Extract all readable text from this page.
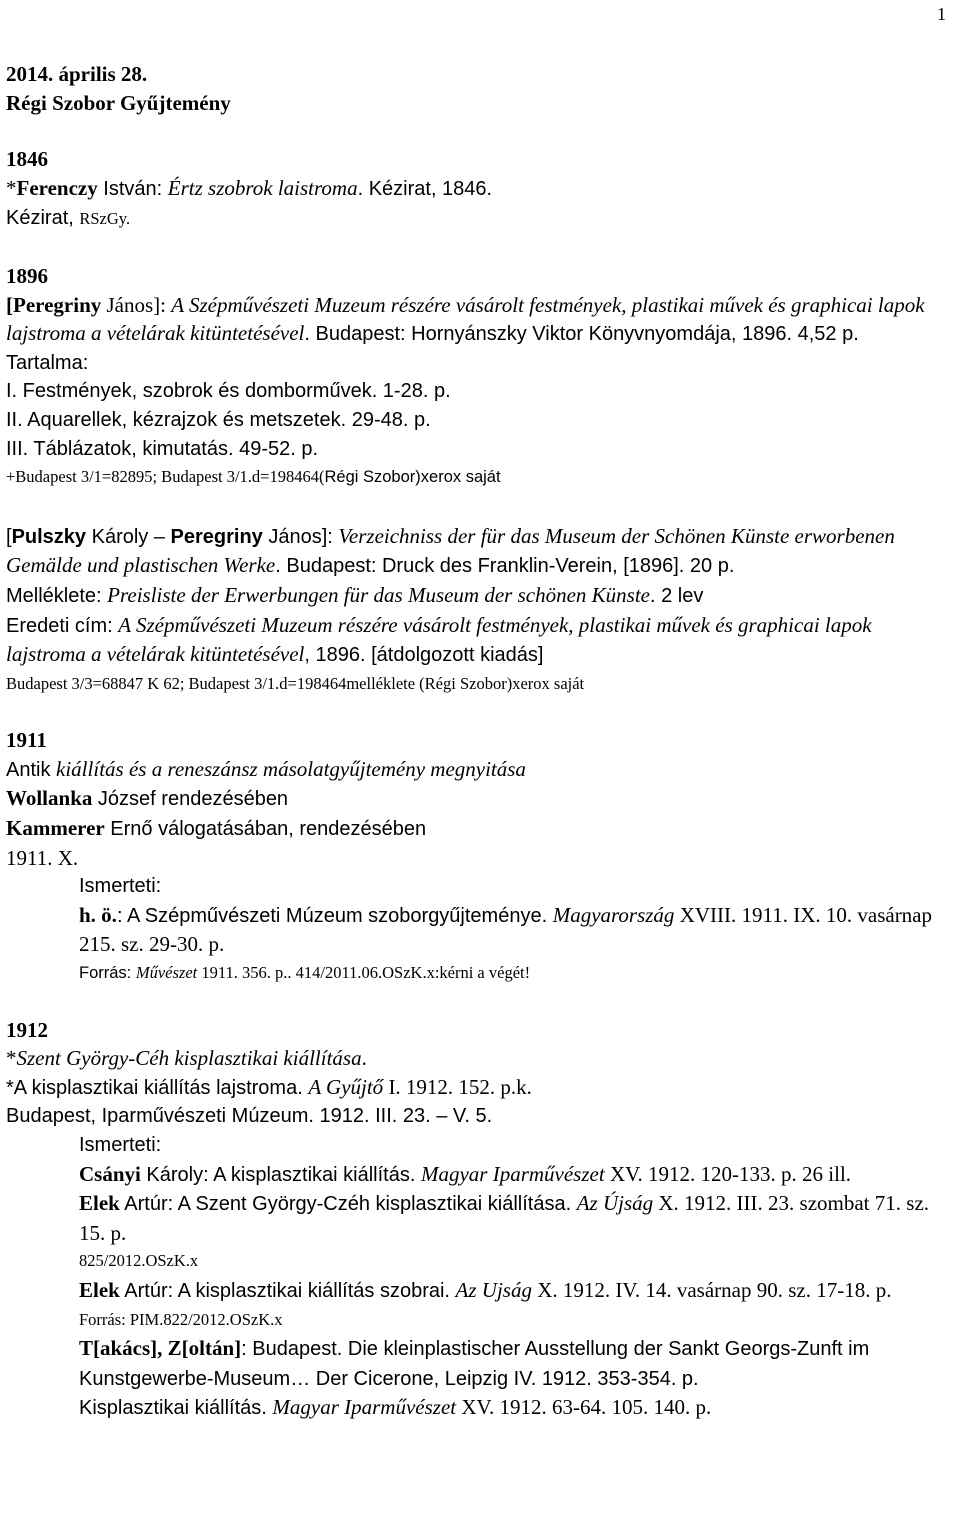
1

2014. április 28.

Régi Szobor Gyűjtemény

1846

*Ferenczy István: Értz szobrok laistroma. Kézirat, 1846.

Kézirat, RSzGy.

1896

[Peregriny János]: A Szépművészeti Muzeum részére vásárolt festmények, plastikai művek és graphicai lapok lajstroma a vételárak kitüntetésével. Budapest: Hornyánszky Viktor Könyvnyomdája, 1896. 4,52 p.

Tartalma:

I. Festmények, szobrok és domborművek. 1-28. p.

II. Aquarellek, kézrajzok és metszetek. 29-48. p.

III. Táblázatok, kimutatás. 49-52. p.

+Budapest 3/1=82895; Budapest 3/1.d=198464(Régi Szobor)xerox saját

[Pulszky Károly – Peregriny János]: Verzeichniss der für das Museum der Schönen Künste erworbenen Gemälde und plastischen Werke. Budapest: Druck des Franklin-Verein, [1896]. 20 p.

Melléklete: Preisliste der Erwerbungen für das Museum der schönen Künste. 2 lev

Eredeti cím: A Szépművészeti Muzeum részére vásárolt festmények, plastikai művek és graphicai lapok lajstroma a vételárak kitüntetésével, 1896. [átdolgozott kiadás]

Budapest 3/3=68847 K 62; Budapest 3/1.d=198464melléklete (Régi Szobor)xerox saját

1911

Antik kiállítás és a reneszánsz másolatgyűjtemény megnyitása

Wollanka József rendezésében

Kammerer Ernő válogatásában, rendezésében

1911. X.

Ismerteti:

h. ö.: A Szépművészeti Múzeum szoborgyűjteménye. Magyarország XVIII. 1911. IX. 10. vasárnap 215. sz. 29-30. p.

Forrás: Művészet 1911. 356. p.. 414/2011.06.OSzK.x:kérni a végét!

1912

*Szent György-Céh kisplasztikai kiállítása.

*A kisplasztikai kiállítás lajstroma. A Gyűjtő I. 1912. 152. p.k.

Budapest, Iparművészeti Múzeum. 1912. III. 23. – V. 5.

Ismerteti:

Csányi Károly: A kisplasztikai kiállítás. Magyar Iparművészet XV. 1912. 120-133. p. 26 ill.

Elek Artúr: A Szent György-Czéh kisplasztikai kiállítása. Az Újság X. 1912. III. 23. szombat 71. sz. 15. p.

825/2012.OSzK.x

Elek Artúr: A kisplasztikai kiállítás szobrai. Az Ujság X. 1912. IV. 14. vasárnap 90. sz. 17-18. p.

Forrás: PIM.822/2012.OSzK.x

T[akács], Z[oltán]: Budapest. Die kleinplastischer Ausstellung der Sankt Georgs-Zunft im Kunstgewerbe-Museum… Der Cicerone, Leipzig IV. 1912. 353-354. p.

Kisplasztikai kiállítás. Magyar Iparművészet XV. 1912. 63-64. 105. 140. p.
